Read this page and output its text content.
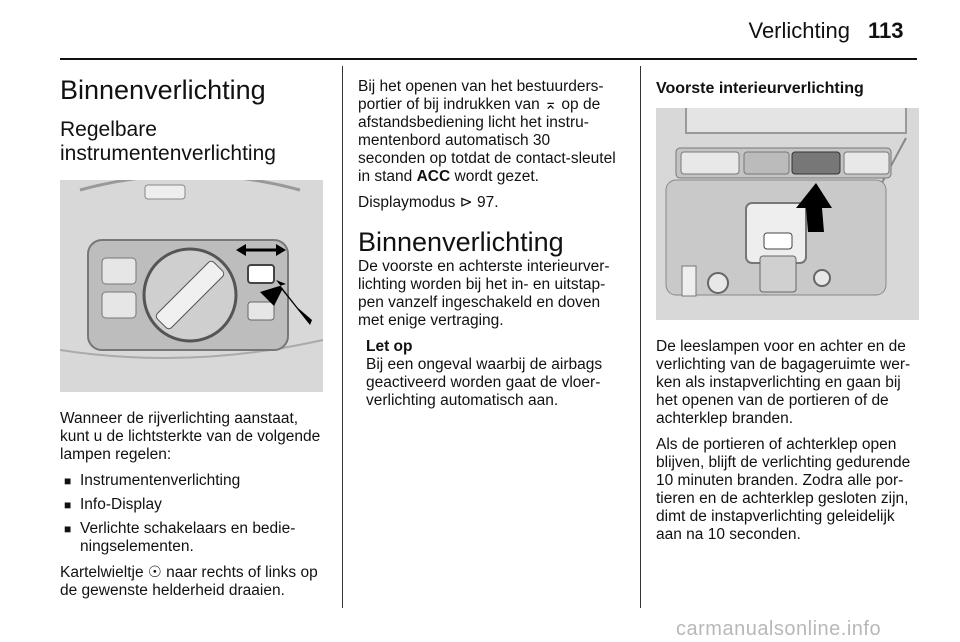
Verlichting 113
Binnenverlichting
Regelbare instrumentenverlichting

Wanneer de rijverlichting aanstaat, kunt u de lichtsterkte van de volgende lampen regelen:

■ Instrumentenverlichting
■ Info-Display
■ Verlichte schakelaars en bedie-ningselementen.

Kartelwieltje ☉ naar rechts of links op de gewenste helderheid draaien.

Bij het openen van het bestuurders-portier of bij indrukken van ⌅ op de afstandsbediening licht het instru-mentenbord automatisch 30 seconden op totdat de contact-sleutel in stand ACC wordt gezet.

Displaymodus ⊳ 97.

Binnenverlichting

De voorste en achterste interieurver-lichting worden bij het in- en uitstap-pen vanzelf ingeschakeld en doven met enige vertraging.

Let op

Bij een ongeval waarbij de airbags geactiveerd worden gaat de vloer-verlichting automatisch aan.

Voorste interieurverlichting

De leeslampen voor en achter en de verlichting van de bagageruimte wer-ken als instapverlichting en gaan bij het openen van de portieren of de achterklep branden.

Als de portieren of achterklep open blijven, blijft de verlichting gedurende 10 minuten branden. Zodra alle por-tieren en de achterklep gesloten zijn, dimt de instapverlichting geleidelijk aan na 10 seconden.

carmanualsonline.info
